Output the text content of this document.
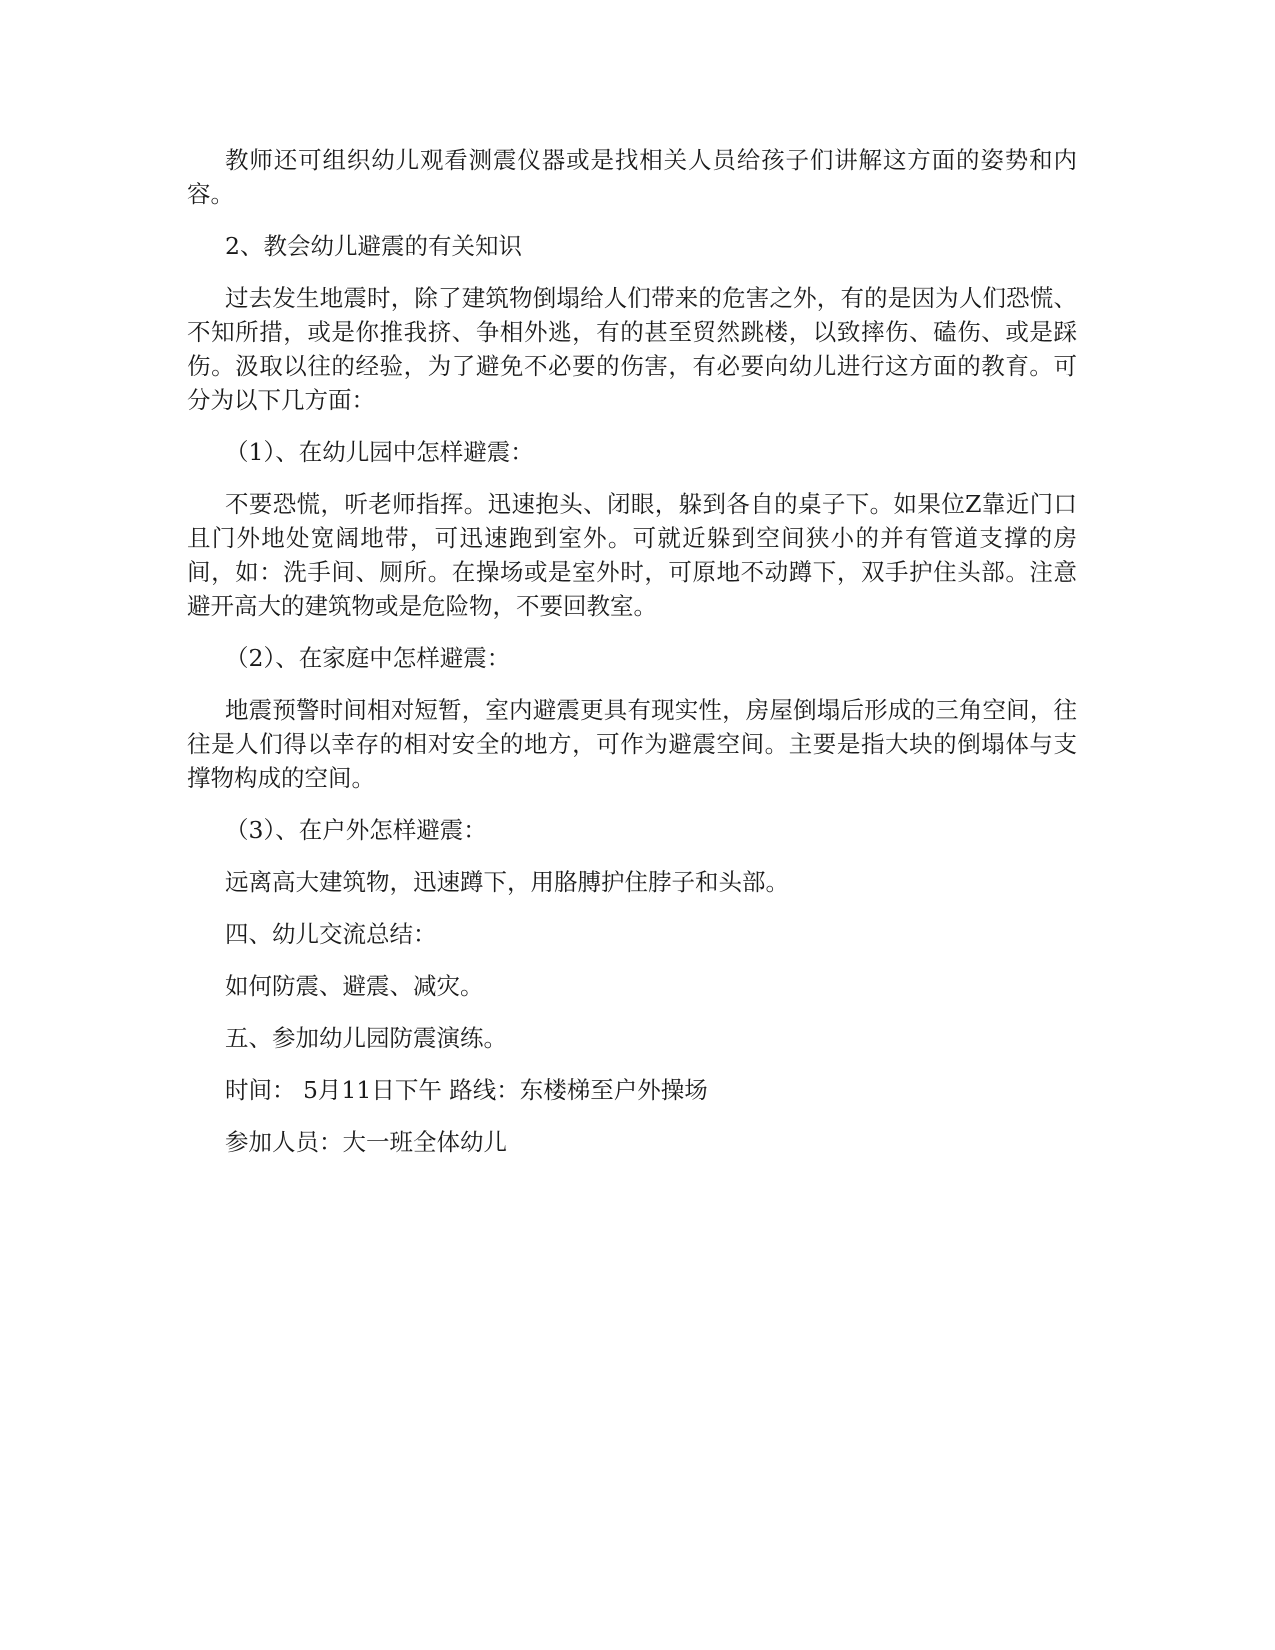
教师还可组织幼儿观看测震仪器或是找相关人员给孩子们讲解这方面的姿势和内容。

2、教会幼儿避震的有关知识

过去发生地震时，除了建筑物倒塌给人们带来的危害之外，有的是因为人们恐慌、不知所措，或是你推我挤、争相外逃，有的甚至贸然跳楼，以致摔伤、磕伤、或是踩伤。汲取以往的经验，为了避免不必要的伤害，有必要向幼儿进行这方面的教育。可分为以下几方面：

（1）、在幼儿园中怎样避震：

不要恐慌，听老师指挥。迅速抱头、闭眼，躲到各自的桌子下。如果位Z靠近门口且门外地处宽阔地带，可迅速跑到室外。可就近躲到空间狭小的并有管道支撑的房间，如：洗手间、厕所。在操场或是室外时，可原地不动蹲下，双手护住头部。注意避开高大的建筑物或是危险物，不要回教室。

（2）、在家庭中怎样避震：

地震预警时间相对短暂，室内避震更具有现实性，房屋倒塌后形成的三角空间，往往是人们得以幸存的相对安全的地方，可作为避震空间。主要是指大块的倒塌体与支撑物构成的空间。

（3）、在户外怎样避震：

远离高大建筑物，迅速蹲下，用胳膊护住脖子和头部。

四、幼儿交流总结：

如何防震、避震、减灾。

五、参加幼儿园防震演练。

时间： 5月11日下午 路线：东楼梯至户外操场

参加人员：大一班全体幼儿
